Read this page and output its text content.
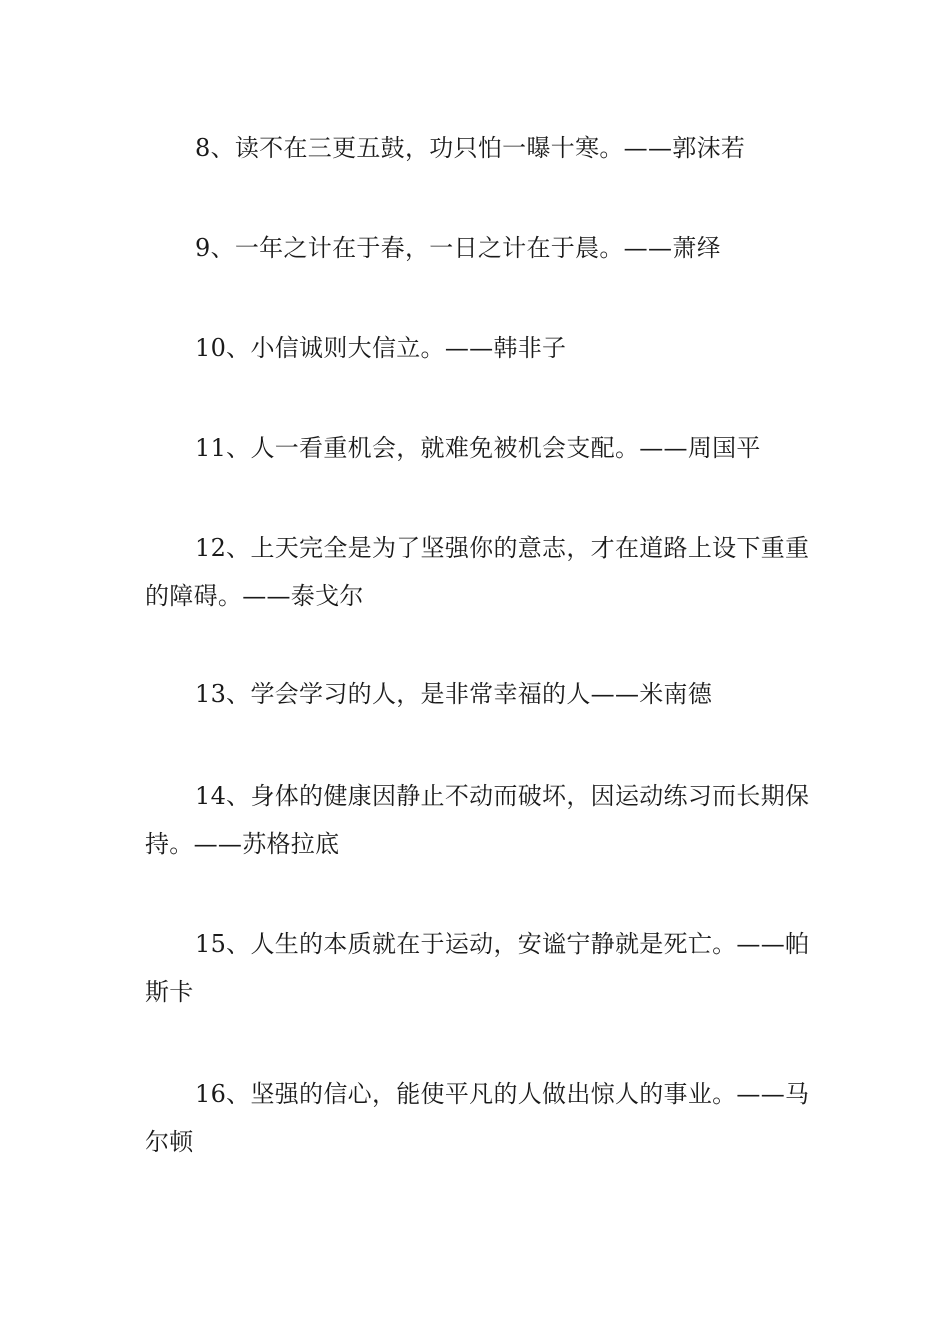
8、读不在三更五鼓，功只怕一曝十寒。——郭沫若

9、一年之计在于春，一日之计在于晨。——萧绎

10、小信诚则大信立。——韩非子

11、人一看重机会，就难免被机会支配。——周国平

12、上天完全是为了坚强你的意志，才在道路上设下重重的障碍。——泰戈尔

13、学会学习的人，是非常幸福的人——米南德

14、身体的健康因静止不动而破坏，因运动练习而长期保持。——苏格拉底

15、人生的本质就在于运动，安谧宁静就是死亡。——帕斯卡

16、坚强的信心，能使平凡的人做出惊人的事业。——马尔顿
